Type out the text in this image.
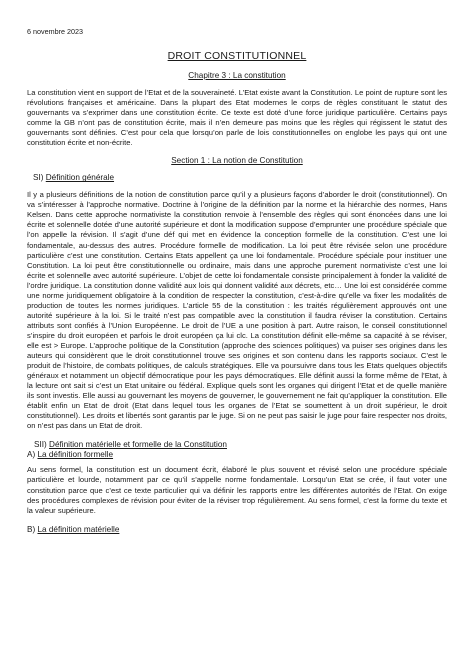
6 novembre 2023
DROIT CONSTITUTIONNEL
Chapitre 3 : La constitution

La constitution vient en support de l’Etat et de la souveraineté. L’Etat existe avant la Constitution. Le point de rupture sont les révolutions françaises et américaine. Dans la plupart des Etat modernes le corps de règles constituant le statut des gouvernants va s’exprimer dans une constitution écrite. Ce texte est doté d’une force juridique particulière. Certains pays comme la GB n’ont pas de constitution écrite, mais il n’en demeure pas moins que les règles qui régissent le statut des gouvernants sont définies. C’est pour cela que lorsqu’on parle de lois constitutionnelles on englobe les pays qui ont une constitution écrite et non-écrite.

Section 1 : La notion de Constitution
SI) Définition générale

Il y a plusieurs définitions de la notion de constitution parce qu’il y a plusieurs façons d’aborder le droit (constitutionnel). On va s’intéresser à l’approche normative. Doctrine à l’origine de la définition par la norme et la hiérarchie des normes, Hans Kelsen. Dans cette approche normativiste la constitution renvoie à l’ensemble des règles qui sont énoncées dans une loi écrite et solennelle dotée d’une autorité supérieure et dont la modification suppose d’emprunter une procédure spéciale que l’on appelle la révision. Il s’agit d’une déf qui met en évidence la conception formelle de la constitution. C’est une loi fondamentale, au-dessus des autres. Procédure formelle de modification. La loi peut être révisée selon une procédure particulière c’est une constitution. Certains Etats appellent ça une loi fondamentale. Procédure spéciale pour instituer une Constitution. La loi peut être constitutionnelle ou ordinaire, mais dans une approche purement normativiste c’est une loi écrite et solennelle avec autorité supérieure. L’objet de cette loi fondamentale consiste principalement à fonder la validité de l’ordre juridique. La constitution donne validité aux lois qui donnent validité aux décrets, etc… Une loi est considérée comme une norme juridiquement obligatoire à la condition de respecter la constitution, c’est-à-dire qu’elle va fixer les modalités de production de toutes les normes juridiques. L’article 55 de la constitution : les traités régulièrement approuvés ont une autorité supérieure à la loi. Si le traité n’est pas compatible avec la constitution il faudra réviser la constitution. Certains attributs sont confiés à l’Union Européenne. Le droit de l’UE a une position à part. Autre raison, le conseil constitutionnel s’inspire du droit européen et parfois le droit européen ça lui clc. La constitution définit elle-même sa capacité à se réviser, elle est > Europe. L’approche politique de la Constitution (approche des sciences politiques) va puiser ses origines dans les auteurs qui considèrent que le droit constitutionnel trouve ses origines et son contenu dans les rapports sociaux. C’est le produit de l’histoire, de combats politiques, de calculs stratégiques. Elle va poursuivre dans tous les Etats quelques objectifs généraux et notamment un objectif démocratique pour les pays démocratiques. Elle définit aussi la forme même de l’Etat, à la lecture ont sait si c’est un Etat unitaire ou fédéral. Explique quels sont les organes qui dirigent l’Etat et de quelle manière ils sont investis. Elle aussi au gouvernant les moyens de gouverner, le gouvernement ne fait qu’appliquer la constitution. Elle établit enfin un Etat de droit (Etat dans lequel tous les organes de l’Etat se soumettent à un droit supérieur, le droit constitutionnel). Les droits et libertés sont garantis par le juge. Si on ne peut pas saisir le juge pour faire respecter nos droits, on n’est pas dans un Etat de droit.

SII) Définition matérielle et formelle de la Constitution
A) La définition formelle

Au sens formel, la constitution est un document écrit, élaboré le plus souvent et révisé selon une procédure spéciale particulière et lourde, notamment par ce qu’il s’appelle norme fondamentale. Lorsqu’un Etat se crée, il faut voter une constitution parce que c’est ce texte particulier qui va définir les rapports entre les différentes autorités de l’Etat. On exige des procédures complexes de révision pour éviter de la réviser trop régulièrement. Au sens formel, c’est la forme du texte et la valeur supérieure.

B) La définition matérielle
